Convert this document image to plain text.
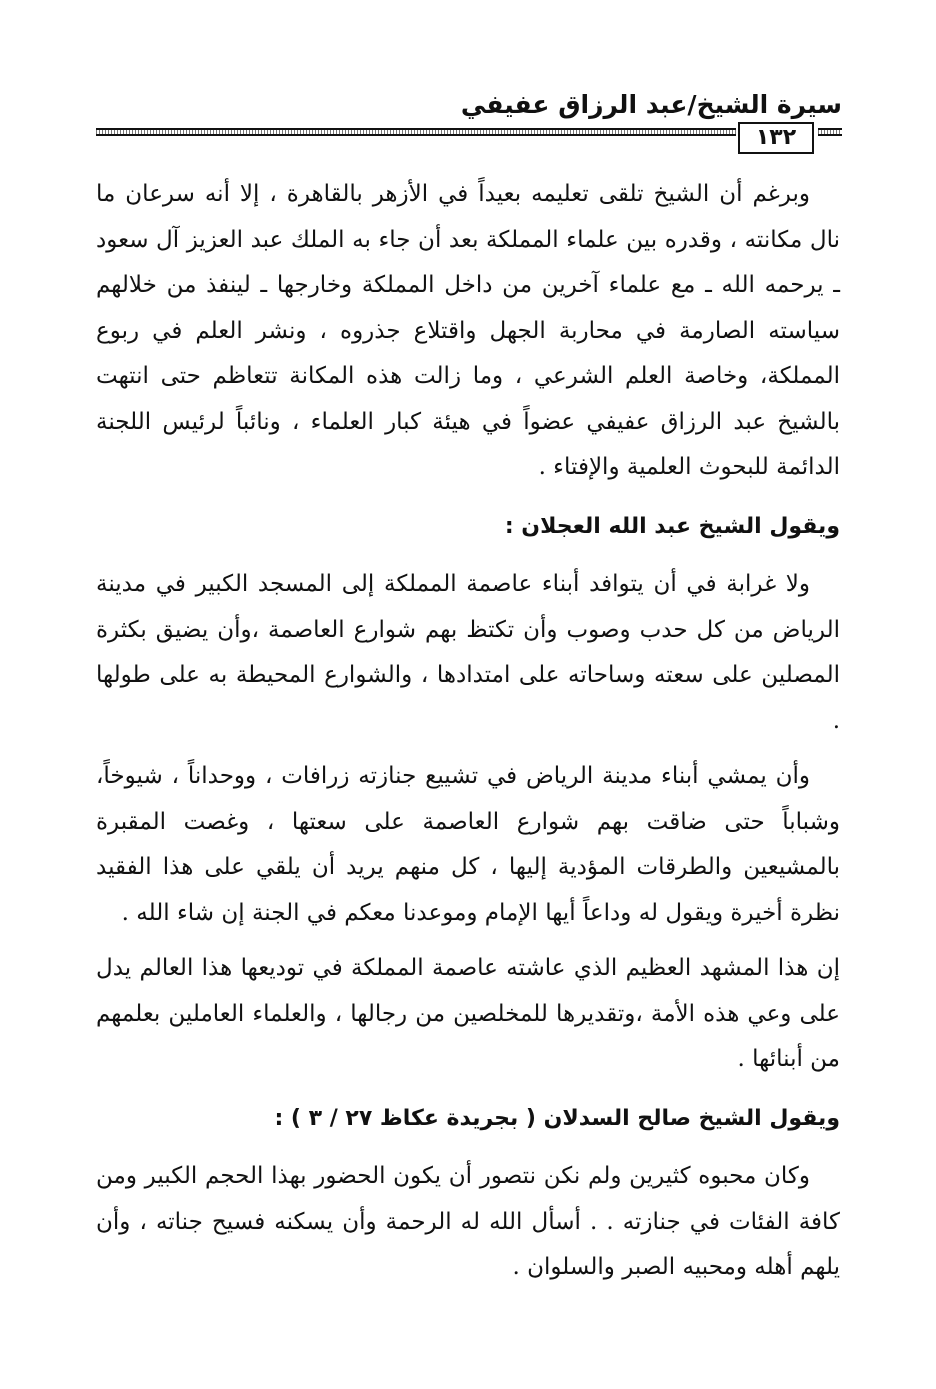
سيرة الشيخ/عبد الرزاق عفيفي
١٣٢

وبرغم أن الشيخ تلقى تعليمه بعيداً في الأزهر بالقاهرة ، إلا أنه سرعان ما نال مكانته ، وقدره بين علماء المملكة بعد أن جاء به الملك عبد العزيز آل سعود ـ يرحمه الله ـ مع علماء آخرين من داخل المملكة وخارجها ـ لينفذ من خلالهم سياسته الصارمة في محاربة الجهل واقتلاع جذروه ، ونشر العلم في ربوع المملكة، وخاصة العلم الشرعي ، وما زالت هذه المكانة تتعاظم حتى انتهت بالشيخ عبد الرزاق عفيفي عضواً في هيئة كبار العلماء ، ونائباً لرئيس اللجنة الدائمة للبحوث العلمية والإفتاء .

ويقول الشيخ عبد الله العجلان :

ولا غرابة في أن يتوافد أبناء عاصمة المملكة إلى المسجد الكبير في مدينة الرياض من كل حدب وصوب وأن تكتظ بهم شوارع العاصمة ،وأن يضيق بكثرة المصلين على سعته وساحاته على امتدادها ، والشوارع المحيطة به على طولها .

وأن يمشي أبناء مدينة الرياض في تشييع جنازته زرافات ، ووحداناً ، شيوخاً، وشباباً حتى ضاقت بهم شوارع العاصمة على سعتها ، وغصت المقبرة بالمشيعين والطرقات المؤدية إليها ، كل منهم يريد أن يلقي على هذا الفقيد نظرة أخيرة ويقول له وداعاً أيها الإمام وموعدنا معكم في الجنة إن شاء الله .

إن هذا المشهد العظيم الذي عاشته عاصمة المملكة في توديعها هذا العالم يدل على وعي هذه الأمة ،وتقديرها للمخلصين من رجالها ، والعلماء العاملين بعلمهم من أبنائها .

ويقول الشيخ صالح السدلان ( بجريدة عكاظ ٢٧ / ٣ ) :

وكان محبوه كثيرين ولم نكن نتصور أن يكون الحضور بهذا الحجم الكبير ومن كافة الفئات في جنازته . . أسأل الله له الرحمة وأن يسكنه فسيح جناته ، وأن يلهم أهله ومحبيه الصبر والسلوان .
